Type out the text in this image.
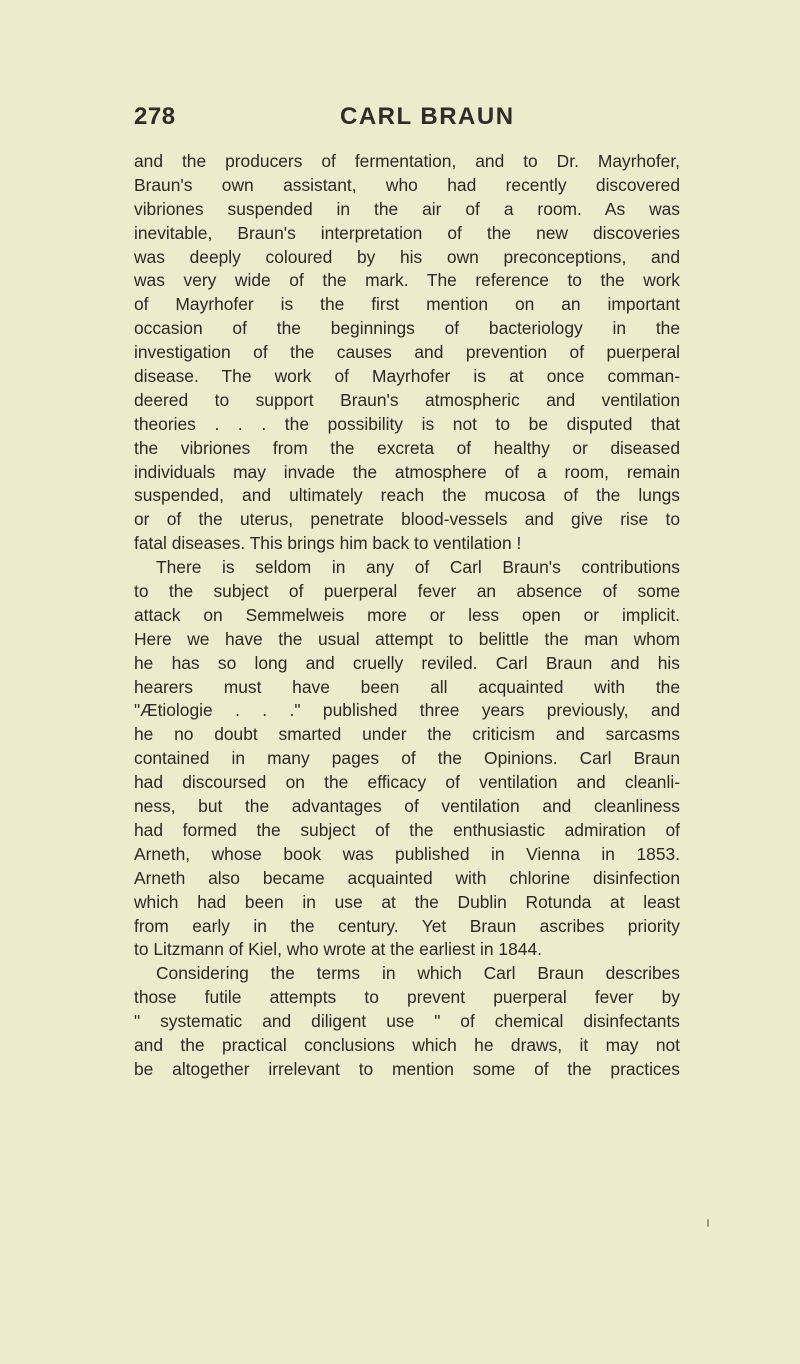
278	CARL BRAUN
and the producers of fermentation, and to Dr. Mayrhofer,
Braun's own assistant, who had recently discovered
vibriones suspended in the air of a room. As was
inevitable, Braun's interpretation of the new discoveries
was deeply coloured by his own preconceptions, and
was very wide of the mark. The reference to the work
of Mayrhofer is the first mention on an important
occasion of the beginnings of bacteriology in the
investigation of the causes and prevention of puerperal
disease. The work of Mayrhofer is at once comman-
deered to support Braun's atmospheric and ventilation
theories . . . the possibility is not to be disputed that
the vibriones from the excreta of healthy or diseased
individuals may invade the atmosphere of a room, remain
suspended, and ultimately reach the mucosa of the lungs
or of the uterus, penetrate blood-vessels and give rise to
fatal diseases. This brings him back to ventilation !
There is seldom in any of Carl Braun's contributions
to the subject of puerperal fever an absence of some
attack on Semmelweis more or less open or implicit.
Here we have the usual attempt to belittle the man whom
he has so long and cruelly reviled. Carl Braun and his
hearers must have been all acquainted with the
"Ætiologie . . ." published three years previously, and
he no doubt smarted under the criticism and sarcasms
contained in many pages of the Opinions. Carl Braun
had discoursed on the efficacy of ventilation and cleanli-
ness, but the advantages of ventilation and cleanliness
had formed the subject of the enthusiastic admiration of
Arneth, whose book was published in Vienna in 1853.
Arneth also became acquainted with chlorine disinfection
which had been in use at the Dublin Rotunda at least
from early in the century. Yet Braun ascribes priority
to Litzmann of Kiel, who wrote at the earliest in 1844.
Considering the terms in which Carl Braun describes
those futile attempts to prevent puerperal fever by
" systematic and diligent use " of chemical disinfectants
and the practical conclusions which he draws, it may not
be altogether irrelevant to mention some of the practices
